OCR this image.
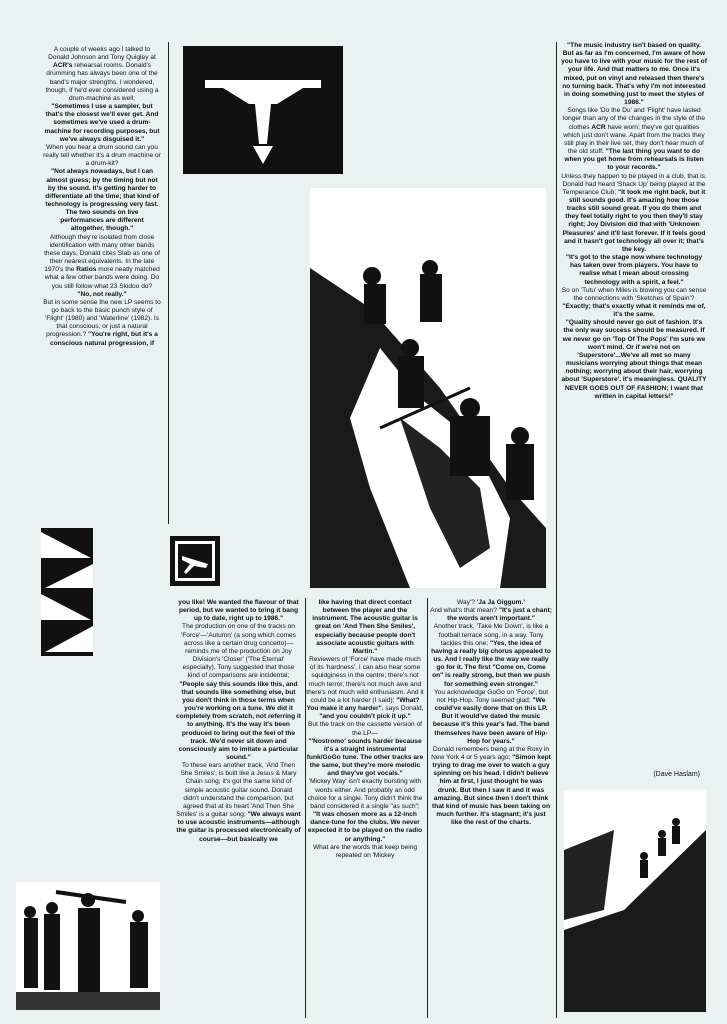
A couple of weeks ago I talked to Donald Johnson and Tony Quigley at ACR's rehearsal rooms. Donald's drumming has always been one of the band's major strengths. I wondered, though, if he'd ever considered using a drum-machine as well;

"Sometimes I use a sampler, but that's the closest we'll ever get. And sometimes we've used a drum-machine for recording purposes, but we've always disguised it."

When you hear a drum sound can you really tell whether it's a drum machine or a drum-kit?

"Not always nowadays, but I can almost guess; by the timing but not by the sound. It's getting harder to differentiate all the time; that kind of technology is progressing very fast. The two sounds on live performances are different altogether, though."

Although they're isolated from close identification with many other bands these days, Donald cites Slab as one of their nearest equivalents. In the late 1970's the Ratios more neatly matched what a few other bands were doing. Do you still follow what 23 Skidoo do?

"No, not really."

But in some sense the new LP seems to go back to the basic punch style of 'Flight' (1980) and 'Waterline' (1982). Is that conscious, or just a natural progression.? "You're right, but it's a conscious natural progression, if

you like! We wanted the flavour of that period, but we wanted to bring it bang up to date, right up to 1986."

The production on one of the tracks on 'Force'—'Autumn' (a song which comes across like a certain drug concerto)— reminds me of the production on Joy Division's 'Closer' ('The Eternal' especially). Tony suggested that those kind of comparisons are incidental;

"People say this sounds like this, and that sounds like something else, but you don't think in those terms when you're working on a tune. We did it completely from scratch, not referring it to anything. It's the way it's been produced to bring out the feel of the track. We'd never sit down and consciously aim to imitate a particular sound."

To these ears another track, 'And Then She Smiles', is built like a Jesus & Mary Chain song; it's got the same kind of simple acoustic guitar sound. Donald didn't understand the comparison, but agreed that at its heart 'And Then She Smiles' is a guitar song; "We always want to use acoustic instruments—although the guitar is processed electronically of course—but basically we

like having that direct contact between the player and the instrument. The acoustic guitar is great on 'And Then She Smiles', especially because people don't associate acoustic guitars with Martin."

Reviewers of 'Force' have made much of its 'hardness'. I can also hear some squidginess in the centre; there's not much terror, there's not much awe and there's not much wild enthusiasm. And it could be a lot harder (I said); "What? You make it any harder", says Donald, "and you couldn't pick it up."

But the track on the cassette version of the LP—

"'Nostromo' sounds harder because it's a straight instrumental funk/GoGo tune. The other tracks are the same, but they're more melodic and they've got vocals."

'Mickey Way' isn't exactly bursting with words either. And probably an odd choice for a single. Tony didn't think the band considered it a single "as such"; "It was chosen more as a 12-inch dance-tune for the clubs. We never expected it to be played on the radio or anything."

What are the words that keep being repeated on 'Mickey

Way'? 'Ja Ja Giggum.'

And what's that mean? "It's just a chant; the words aren't important."

Another track, 'Take Me Down', is like a football terrace song, in a way. Tony tackles this one; "Yes, the idea of having a really big chorus appealed to us. And I really like the way we really go for it. The first "Come on, Come on" is really strong, but then we push for something even stronger."

You acknowledge GoGo on 'Force', but not Hip-Hop. Tony seemed glad; "We could've easily done that on this LP. But it would've dated the music because it's this year's fad. The band themselves have been aware of Hip-Hop for years."

Donald remembers being at the Roxy in New York 4 or 5 years ago; "Simon kept trying to drag me over to watch a guy spinning on his head. I didn't believe him at first, I just thought he was drunk. But then I saw it and it was amazing. But since then I don't think that kind of music has been taking on much further. It's stagnant; it's just like the rest of the charts.

"The music industry isn't based on quality. But as far as I'm concerned, I'm aware of how you have to live with your music for the rest of your life. And that matters to me. Once it's mixed, put on vinyl and released then there's no turning back. That's why I'm not interested in doing something just to meet the styles of 1986."

Songs like 'Do the Du' and 'Flight' have lasted longer than any of the changes in the style of the clothes ACR have worn; they've got qualities which just don't wane. Apart from the tracks they still play in their live set, they don't hear much of the old stuff; "The last thing you want to do when you get home from rehearsals is listen to your records."

Unless they happen to be played in a club, that is. Donald had heard 'Shack Up' being played at the Temperance Club; "It took me right back, but it still sounds good. It's amazing how those tracks still sound great. If you do them and they feel totally right to you then they'll stay right; Joy Division did that with 'Unknown Pleasures' and it'll last forever. If it feels good and it hasn't got technology all over it; that's the key.

"It's got to the stage now where technology has taken over from players. You have to realise what I mean about crossing technology with a spirit, a feel."

So on 'Tutu' when Miles is blowing you can sense the connections with 'Sketches of Spain'? "Exactly; that's exactly what it reminds me of, it's the same.

"Quality should never go out of fashion. It's the only way success should be measured. If we never go on 'Top Of The Pops' I'm sure we won't mind. Or if we're not on 'Superstore'...We've all met so many musicians worrying about things that mean nothing; worrying about their hair, worrying about 'Superstore'. It's meaningless. QUALITY NEVER GOES OUT OF FASHION; I want that written in capital letters!"

(Dave Haslam)
